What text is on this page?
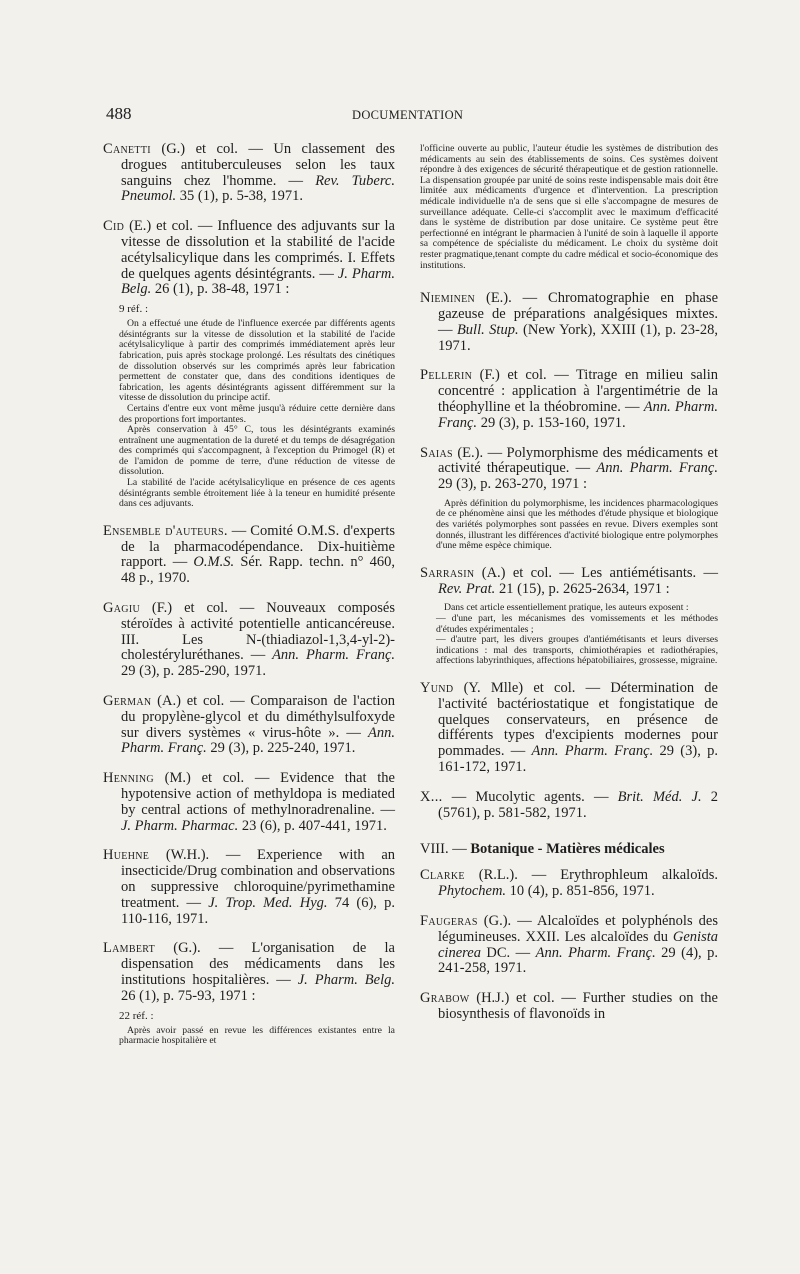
488	DOCUMENTATION
Canetti (G.) et col. — Un classement des drogues antituberculeuses selon les taux sanguins chez l'homme. — Rev. Tuberc. Pneumol. 35 (1), p. 5-38, 1971.
Cid (E.) et col. — Influence des adjuvants sur la vitesse de dissolution et la stabilité de l'acide acétylsalicylique dans les comprimés. I. Effets de quelques agents désintégrants. — J. Pharm. Belg. 26 (1), p. 38-48, 1971 :
9 réf. :

On a effectué une étude de l'influence exercée par différents agents désintégrants sur la vitesse de dissolution et la stabilité de l'acide acétylsalicylique à partir des comprimés immédiatement après leur fabrication, puis après stockage prolongé. Les résultats des cinétiques de dissolution observés sur les comprimés après leur fabrication permettent de constater que, dans des conditions identiques de fabrication, les agents désintégrants agissent différemment sur la vitesse de dissolution du principe actif.

Certains d'entre eux vont même jusqu'à réduire cette dernière dans des proportions fort importantes.

Après conservation à 45° C, tous les désintégrants examinés entraînent une augmentation de la dureté et du temps de désagrégation des comprimés qui s'accompagnent, à l'exception du Primogel (R) et de l'amidon de pomme de terre, d'une réduction de vitesse de dissolution.

La stabilité de l'acide acétylsalicylique en présence de ces agents désintégrants semble étroitement liée à la teneur en humidité présente dans ces adjuvants.

Ensemble d'auteurs. — Comité O.M.S. d'experts de la pharmacodépendance. Dix-huitième rapport. — O.M.S. Sér. Rapp. techn. n° 460, 48 p., 1970.
Gagiu (F.) et col. — Nouveaux composés stéroïdes à activité potentielle anticancéreuse. III. Les N-(thiadiazol-1,3,4-yl-2)-cholestéryluréthanes. — Ann. Pharm. Franç. 29 (3), p. 285-290, 1971.
German (A.) et col. — Comparaison de l'action du propylène-glycol et du diméthylsulfoxyde sur divers systèmes « virus-hôte ». — Ann. Pharm. Franç. 29 (3), p. 225-240, 1971.
Henning (M.) et col. — Evidence that the hypotensive action of methyldopa is mediated by central actions of methylnoradrenaline. — J. Pharm. Pharmac. 23 (6), p. 407-441, 1971.
Huehne (W.H.). — Experience with an insecticide/Drug combination and observations on suppressive chloroquine/pyrimethamine treatment. — J. Trop. Med. Hyg. 74 (6), p. 110-116, 1971.
Lambert (G.). — L'organisation de la dispensation des médicaments dans les institutions hospitalières. — J. Pharm. Belg. 26 (1), p. 75-93, 1971 :
22 réf. :

Après avoir passé en revue les différences existantes entre la pharmacie hospitalière et

l'officine ouverte au public, l'auteur étudie les systèmes de distribution des médicaments au sein des établissements de soins. Ces systèmes doivent répondre à des exigences de sécurité thérapeutique et de gestion rationnelle. La dispensation groupée par unité de soins reste indispensable mais doit être limitée aux médicaments d'urgence et d'intervention. La prescription médicale individuelle n'a de sens que si elle s'accompagne de mesures de surveillance adéquate. Celle-ci s'accomplit avec le maximum d'efficacité dans le système de distribution par dose unitaire. Ce système peut être perfectionné en intégrant le pharmacien à l'unité de soin à laquelle il apporte sa compétence de spécialiste du médicament. Le choix du système doit rester pragmatique,tenant compte du cadre médical et socio-économique des institutions.

Nieminen (E.). — Chromatographie en phase gazeuse de préparations analgésiques mixtes. — Bull. Stup. (New York), XXIII (1), p. 23-28, 1971.
Pellerin (F.) et col. — Titrage en milieu salin concentré : application à l'argentimétrie de la théophylline et la théobromine. — Ann. Pharm. Franç. 29 (3), p. 153-160, 1971.
Saias (E.). — Polymorphisme des médicaments et activité thérapeutique. — Ann. Pharm. Franç. 29 (3), p. 263-270, 1971 :

Après définition du polymorphisme, les incidences pharmacologiques de ce phénomène ainsi que les méthodes d'étude physique et biologique des variétés polymorphes sont passées en revue. Divers exemples sont donnés, illustrant les différences d'activité biologique entre polymorphes d'une même espèce chimique.

Sarrasin (A.) et col. — Les antiémétisants. — Rev. Prat. 21 (15), p. 2625-2634, 1971 :

Dans cet article essentiellement pratique, les auteurs exposent :

— d'une part, les mécanismes des vomissements et les méthodes d'études expérimentales ;

— d'autre part, les divers groupes d'antiémétisants et leurs diverses indications : mal des transports, chimiothérapies et radiothérapies, affections labyrinthiques, affections hépatobiliaires, grossesse, migraine.

Yund (Y. Mlle) et col. — Détermination de l'activité bactériostatique et fongistatique de quelques conservateurs, en présence de différents types d'excipients modernes pour pommades. — Ann. Pharm. Franç. 29 (3), p. 161-172, 1971.
X... — Mucolytic agents. — Brit. Méd. J. 2 (5761), p. 581-582, 1971.
VIII. — Botanique - Matières médicales
Clarke (R.L.). — Erythrophleum alkaloïds. Phytochem. 10 (4), p. 851-856, 1971.
Faugeras (G.). — Alcaloïdes et polyphénols des légumineuses. XXII. Les alcaloïdes du Genista cinerea DC. — Ann. Pharm. Franç. 29 (4), p. 241-258, 1971.
Grabow (H.J.) et col. — Further studies on the biosynthesis of flavonoïds in
